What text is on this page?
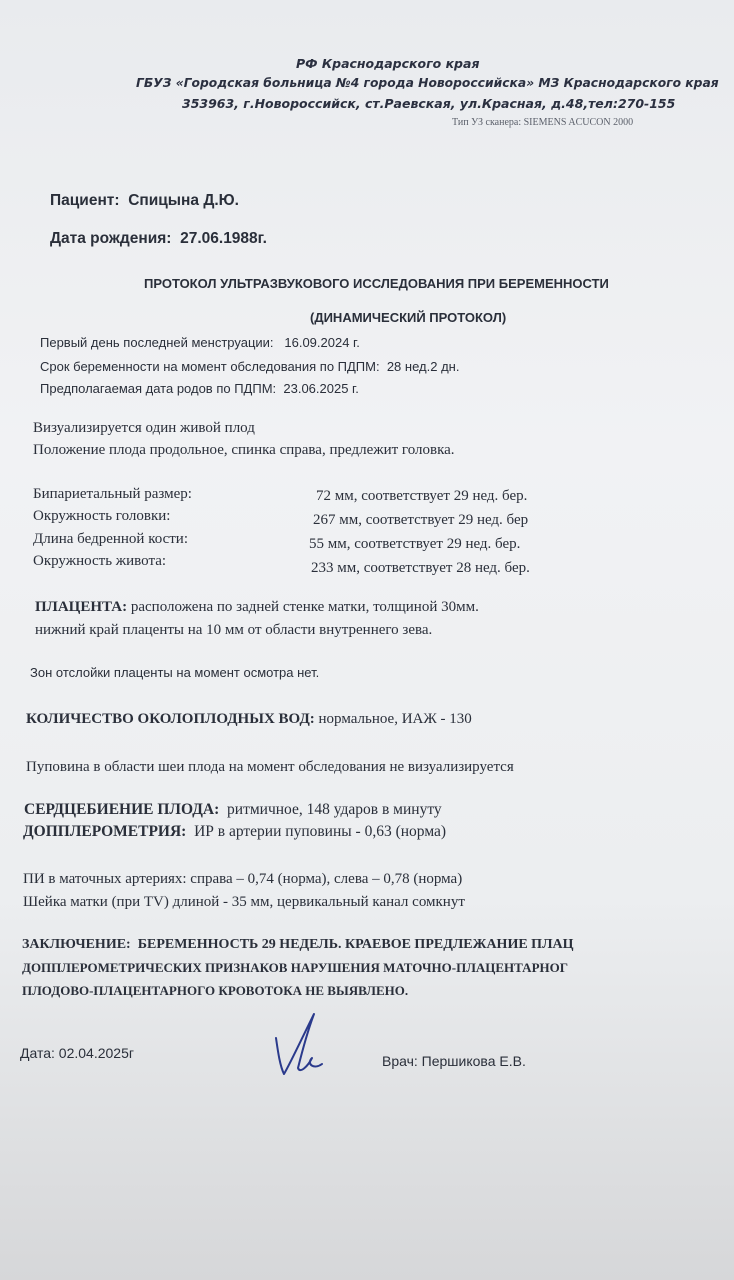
РФ Краснодарского края
ГБУЗ «Городская больница №4 города Новороссийска» МЗ Краснодарского края
353963, г.Новороссийск, ст.Раевская, ул.Красная, д.48,тел:270-155
Тип УЗ сканера: SIEMENS ACUCON 2000
Пациент: Спицына Д.Ю.
Дата рождения: 27.06.1988г.
ПРОТОКОЛ УЛЬТРАЗВУКОВОГО ИССЛЕДОВАНИЯ ПРИ БЕРЕМЕННОСТИ
(ДИНАМИЧЕСКИЙ ПРОТОКОЛ)
Первый день последней менструации: 16.09.2024 г.
Срок беременности на момент обследования по ПДПМ: 28 нед.2 дн.
Предполагаемая дата родов по ПДПМ: 23.06.2025 г.
Визуализируется один живой плод
Положение плода продольное, спинка справа, предлежит головка.
Бипариетальный размер:	72 мм, соответствует 29 нед. бер.
Окружность головки:	267 мм, соответствует 29 нед. бер
Длина бедренной кости:	55 мм, соответствует 29 нед. бер.
Окружность живота:	233 мм, соответствует 28 нед. бер.
ПЛАЦЕНТА: расположена по задней стенке матки, толщиной 30мм.
нижний край плаценты на 10 мм от области внутреннего зева.
Зон отслойки плаценты на момент осмотра нет.
КОЛИЧЕСТВО ОКОЛОПЛОДНЫХ ВОД: нормальное, ИАЖ - 130
Пуповина в области шеи плода на момент обследования не визуализируется
СЕРДЦЕБИЕНИЕ ПЛОДА: ритмичное, 148 ударов в минуту
ДОППЛЕРОМЕТРИЯ: ИР в артерии пуповины - 0,63 (норма)
ПИ в маточных артериях: справа – 0,74 (норма), слева – 0,78 (норма)
Шейка матки (при TV) длиной - 35 мм, цервикальный канал сомкнут
ЗАКЛЮЧЕНИЕ: БЕРЕМЕННОСТЬ 29 НЕДЕЛЬ. КРАЕВОЕ ПРЕДЛЕЖАНИЕ ПЛАЦ
ДОППЛЕРОМЕТРИЧЕСКИХ ПРИЗНАКОВ НАРУШЕНИЯ МАТОЧНО-ПЛАЦЕНТАРНОГ
ПЛОДОВО-ПЛАЦЕНТАРНОГО КРОВОТОКА НЕ ВЫЯВЛЕНО.
Дата: 02.04.2025г	Врач: Першикова Е.В.
